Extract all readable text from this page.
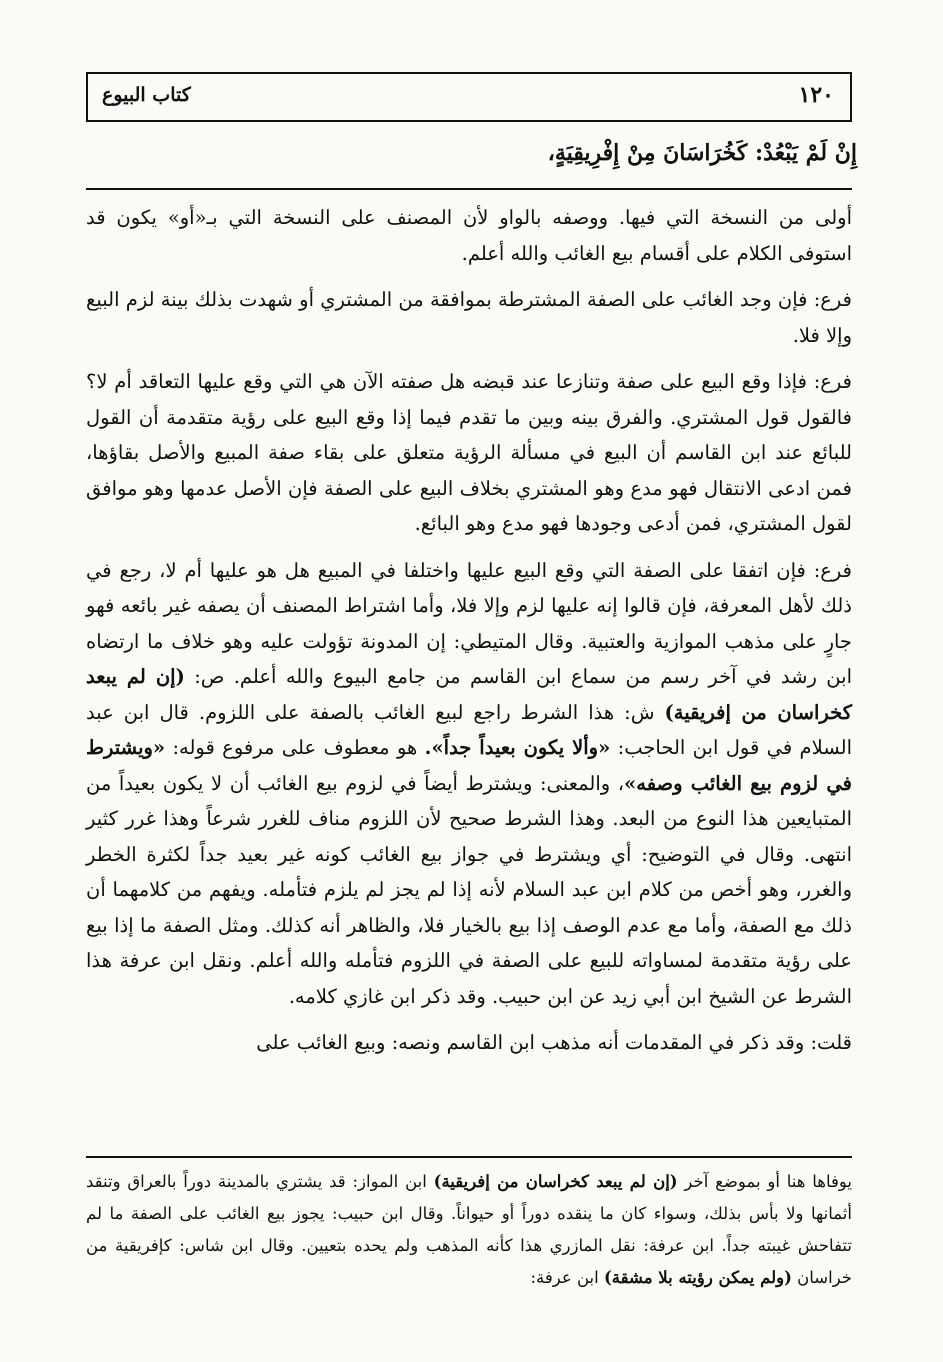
كتاب البيوع	١٢٠
إِنْ لَمْ يَبْعُدْ: كَخُرَاسَانَ مِنْ إِفْرِيقِيَةٍ،

أولى من النسخة التي فيها. ووصفه بالواو لأن المصنف على النسخة التي بـ«أو» يكون قد استوفى الكلام على أقسام بيع الغائب والله أعلم.

فرع: فإن وجد الغائب على الصفة المشترطة بموافقة من المشتري أو شهدت بذلك بينة لزم البيع وإلا فلا.

فرع: فإذا وقع البيع على صفة وتنازعا عند قبضه هل صفته الآن هي التي وقع عليها التعاقد أم لا؟ فالقول قول المشتري. والفرق بينه وبين ما تقدم فيما إذا وقع البيع على رؤية متقدمة أن القول للبائع عند ابن القاسم أن البيع في مسألة الرؤية متعلق على بقاء صفة المبيع والأصل بقاؤها، فمن ادعى الانتقال فهو مدع وهو المشتري بخلاف البيع على الصفة فإن الأصل عدمها وهو موافق لقول المشتري، فمن أدعى وجودها فهو مدع وهو البائع.

فرع: فإن اتفقا على الصفة التي وقع البيع عليها واختلفا في المبيع هل هو عليها أم لا، رجع في ذلك لأهل المعرفة، فإن قالوا إنه عليها لزم وإلا فلا، وأما اشتراط المصنف أن يصفه غير بائعه فهو جارٍ على مذهب الموازية والعتبية. وقال المتيطي: إن المدونة تؤولت عليه وهو خلاف ما ارتضاه ابن رشد في آخر رسم من سماع ابن القاسم من جامع البيوع والله أعلم. ص: (إن لم يبعد كخراسان من إفريقية) ش: هذا الشرط راجع لبيع الغائب بالصفة على اللزوم. قال ابن عبد السلام في قول ابن الحاجب: «وألا يكون بعيداً جداً». هو معطوف على مرفوع قوله: «ويشترط في لزوم بيع الغائب وصفه»، والمعنى: ويشترط أيضاً في لزوم بيع الغائب أن لا يكون بعيداً من المتبايعين هذا النوع من البعد. وهذا الشرط صحيح لأن اللزوم مناف للغرر شرعاً وهذا غرر كثير انتهى. وقال في التوضيح: أي ويشترط في جواز بيع الغائب كونه غير بعيد جداً لكثرة الخطر والغرر، وهو أخص من كلام ابن عبد السلام لأنه إذا لم يجز لم يلزم فتأمله. ويفهم من كلامهما أن ذلك مع الصفة، وأما مع عدم الوصف إذا بيع بالخيار فلا، والظاهر أنه كذلك. ومثل الصفة ما إذا بيع على رؤية متقدمة لمساواته للبيع على الصفة في اللزوم فتأمله والله أعلم. ونقل ابن عرفة هذا الشرط عن الشيخ ابن أبي زيد عن ابن حبيب. وقد ذكر ابن غازي كلامه.

قلت: وقد ذكر في المقدمات أنه مذهب ابن القاسم ونصه: وبيع الغائب على

يوفاها هنا أو بموضع آخر (إن لم يبعد كخراسان من إفريقية) ابن المواز: قد يشتري بالمدينة دوراً بالعراق وتنقد أثمانها ولا بأس بذلك، وسواء كان ما ينقده دوراً أو حيواناً. وقال ابن حبيب: يجوز بيع الغائب على الصفة ما لم تتفاحش غيبته جداً. ابن عرفة: نقل المازري هذا كأنه المذهب ولم يحده بتعيين. وقال ابن شاس: كإفريقية من خراسان (ولم يمكن رؤيته بلا مشقة) ابن عرفة:
